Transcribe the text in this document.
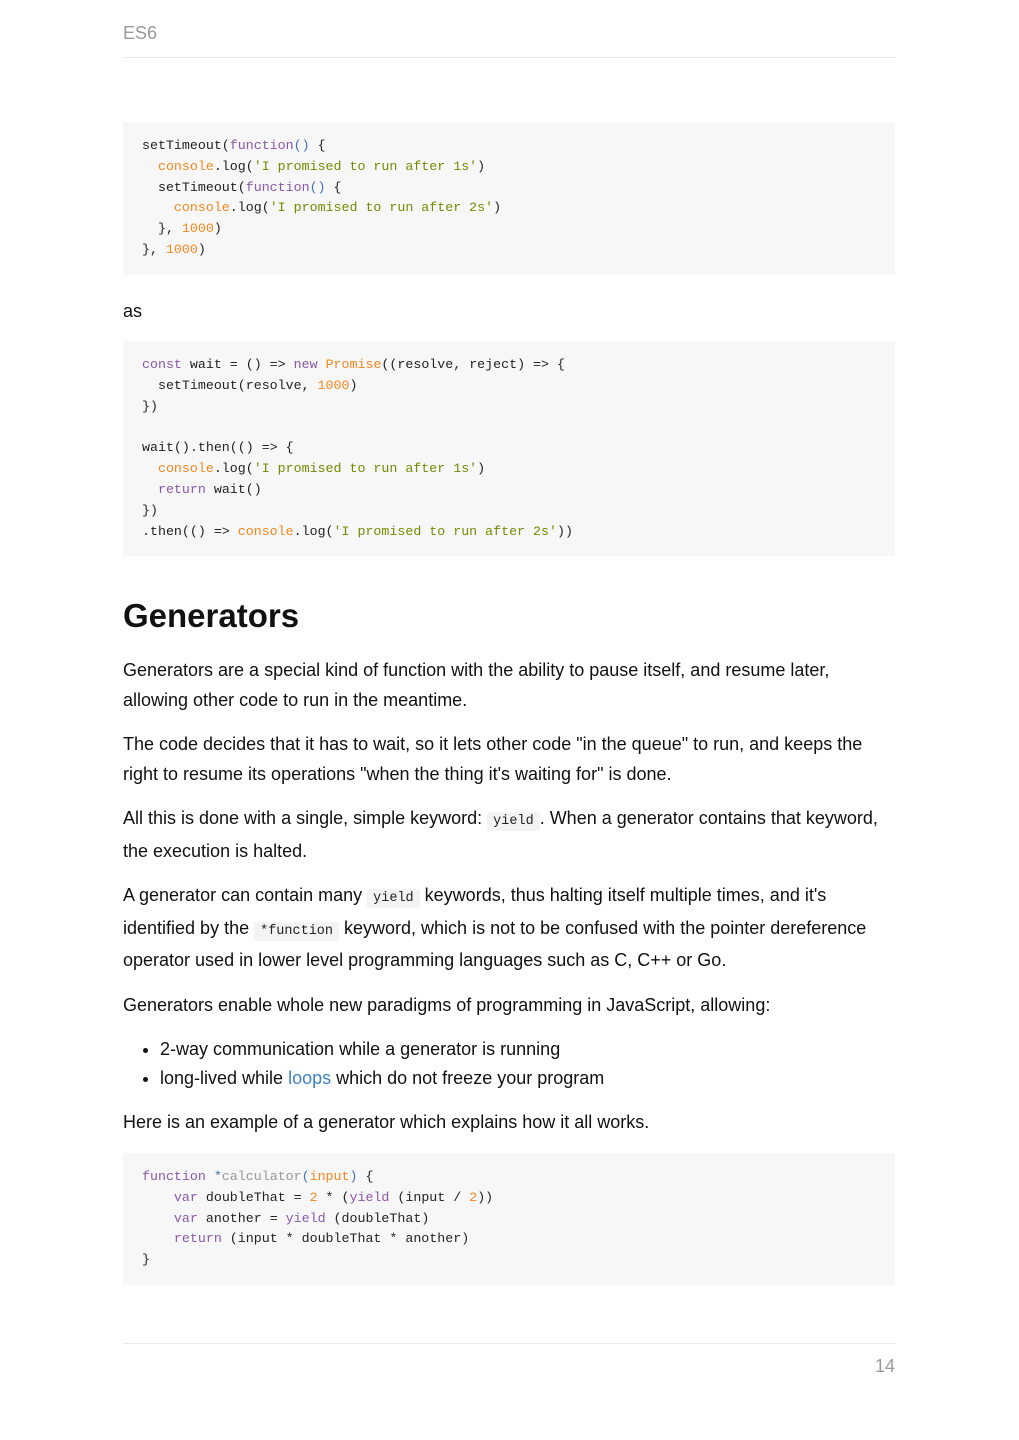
ES6
setTimeout(function() {
console.log('I promised to run after 1s')
setTimeout(function() {
console.log('I promised to run after 2s')
}, 1000)
}, 1000)

as

const wait = () => new Promise((resolve, reject) => {
setTimeout(resolve, 1000)
})

wait().then(() => {
console.log('I promised to run after 1s')
return wait()
})
.then(() => console.log('I promised to run after 2s'))
Generators

Generators are a special kind of function with the ability to pause itself, and resume later, allowing other code to run in the meantime.

The code decides that it has to wait, so it lets other code "in the queue" to run, and keeps the right to resume its operations "when the thing it's waiting for" is done.

All this is done with a single, simple keyword: yield . When a generator contains that keyword, the execution is halted.

A generator can contain many yield keywords, thus halting itself multiple times, and it's identified by the *function keyword, which is not to be confused with the pointer dereference operator used in lower level programming languages such as C, C++ or Go.

Generators enable whole new paradigms of programming in JavaScript, allowing:

• 2-way communication while a generator is running
• long-lived while loops which do not freeze your program

Here is an example of a generator which explains how it all works.

function *calculator(input) {
var doubleThat = 2 * (yield (input / 2))
var another = yield (doubleThat)
return (input * doubleThat * another)
}
14
